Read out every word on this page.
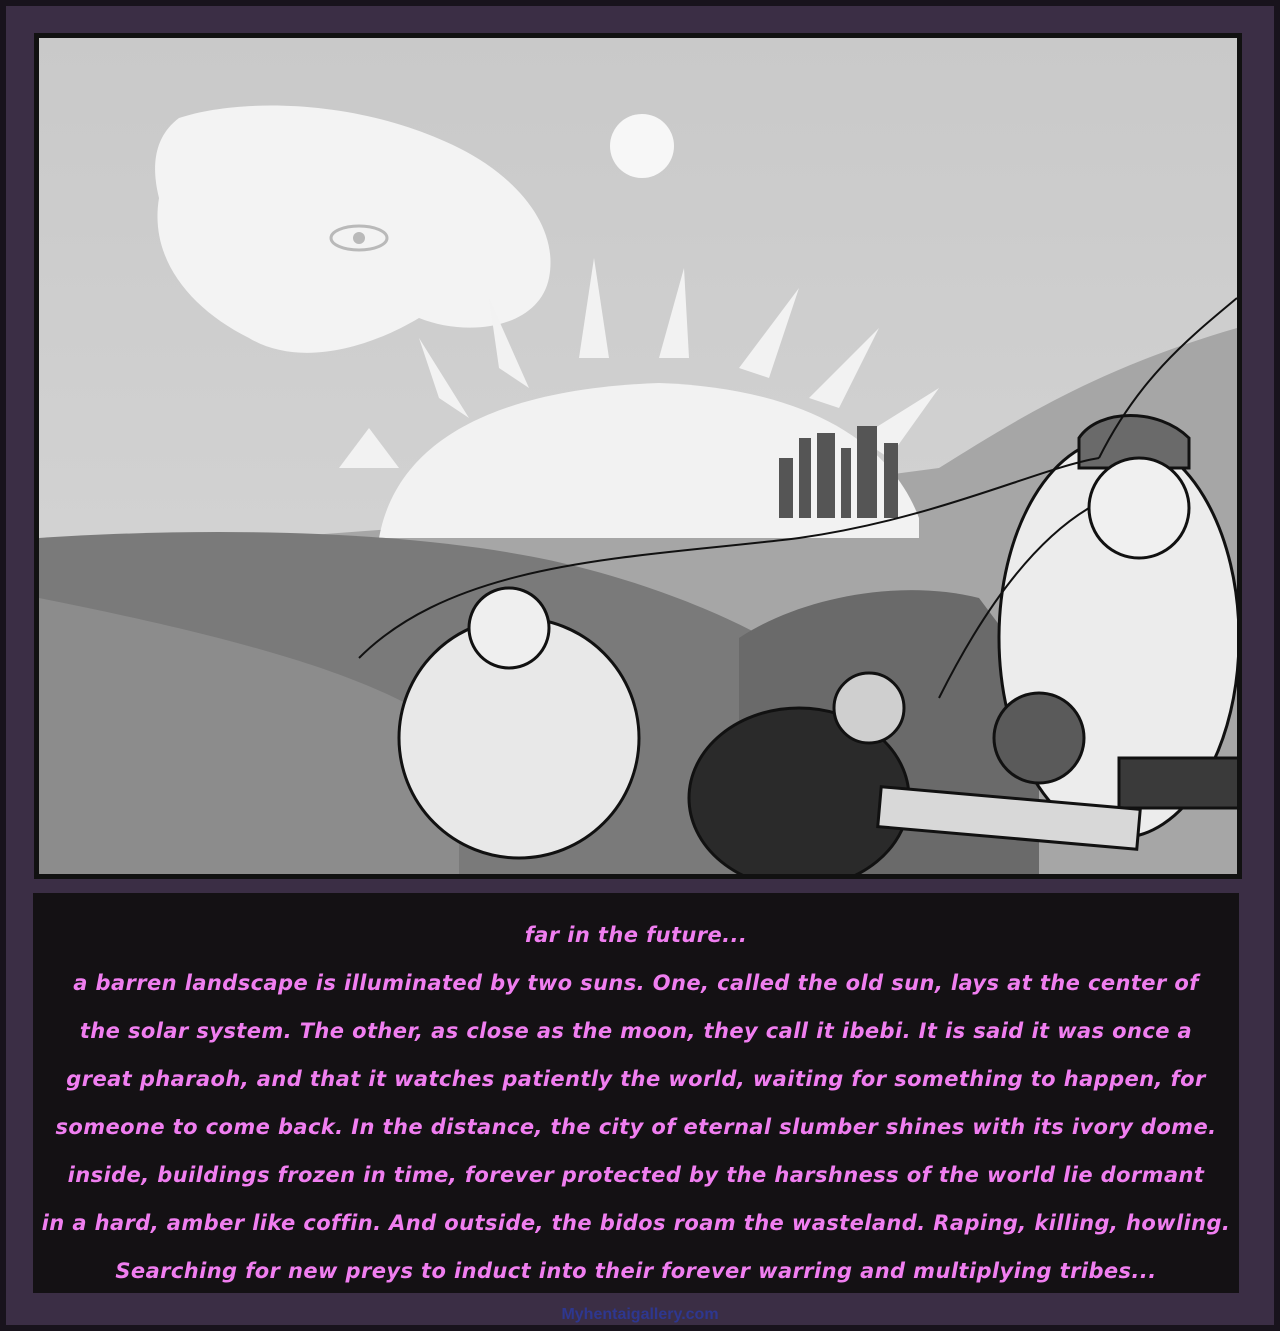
far in the future...
a barren landscape is illuminated by two suns. One, called the old sun, lays at the center of
the solar system. The other, as close as the moon, they call it ibebi. It is said it was once a
great pharaoh, and that it watches patiently the world, waiting for something to happen, for
someone to come back. In the distance, the city of eternal slumber shines with its ivory dome.
inside, buildings frozen in time, forever protected by the harshness of the world lie dormant
in a hard, amber like coffin. And outside, the bidos roam the wasteland. Raping, killing, howling.
Searching for new preys to induct into their forever warring and multiplying tribes...
Myhentaigallery.com
